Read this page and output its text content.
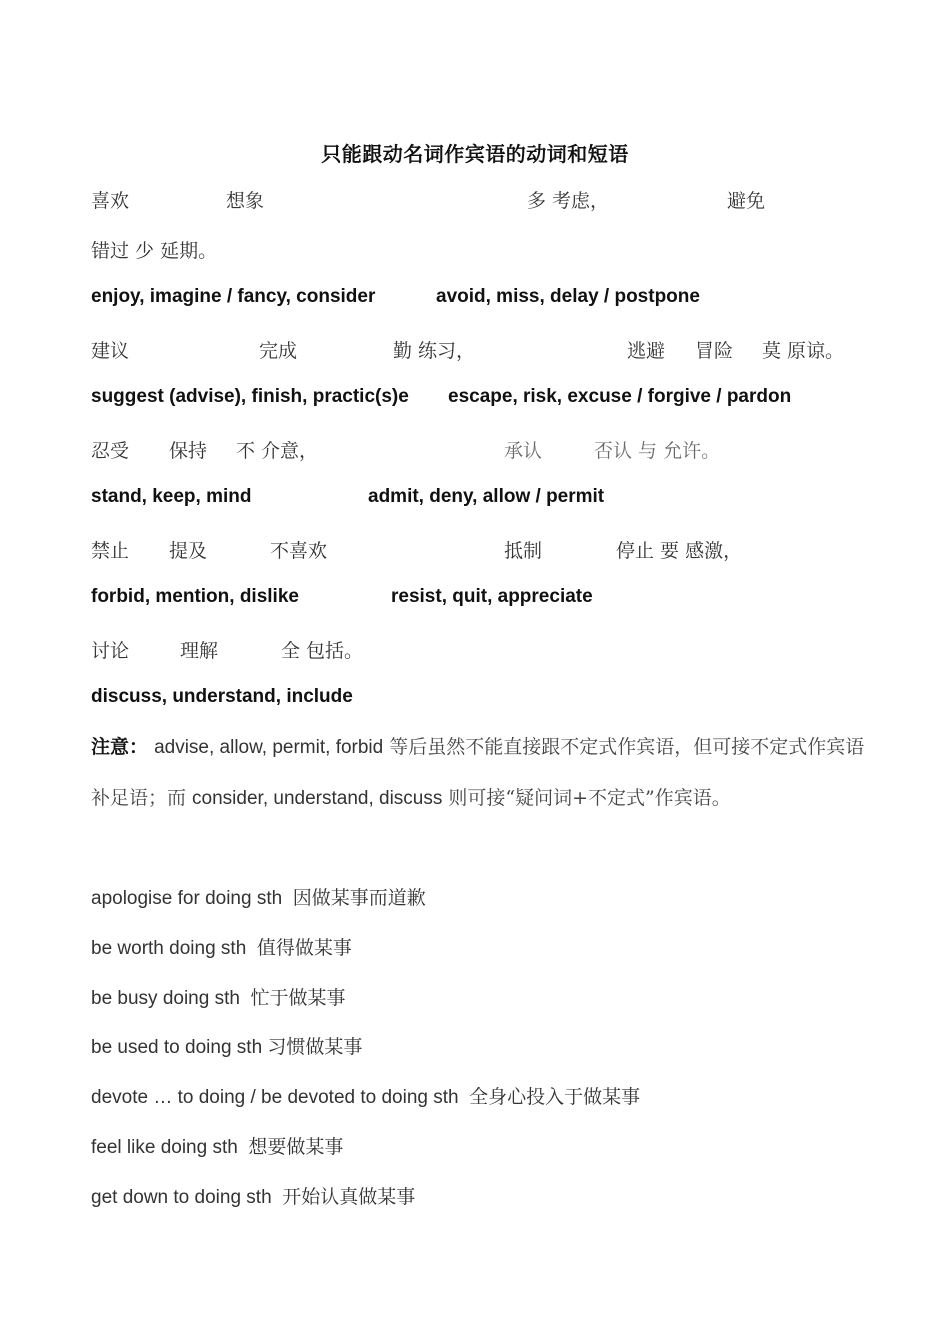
只能跟动名词作宾语的动词和短语
喜欢	想象	多 考虑，	避免
错过 少 延期。
enjoy, imagine / fancy, consider	avoid, miss, delay / postpone
建议	完成	勤 练习，	逃避 冒险 莫 原谅。
suggest (advise), finish, practic(s)e escape, risk, excuse / forgive / pardon
忍受 保持 不 介意，	承认	否认 与 允许。
stand, keep, mind	admit, deny, allow / permit
禁止 提及	不喜欢	抵制	停止 要 感激，
forbid, mention, dislike	resist, quit, appreciate
讨论	理解	全 包括。
discuss, understand, include
注意： advise, allow, permit, forbid 等后虽然不能直接跟不定式作宾语，但可接不定式作宾语补足语；而 consider, understand, discuss 则可接“疑问词+不定式”作宾语。
apologise for doing sth 因做某事而道歉
be worth doing sth 值得做某事
be busy doing sth 忙于做某事
be used to doing sth 习惯做某事
devote … to doing / be devoted to doing sth 全身心投入于做某事
feel like doing sth 想要做某事
get down to doing sth 开始认真做某事
